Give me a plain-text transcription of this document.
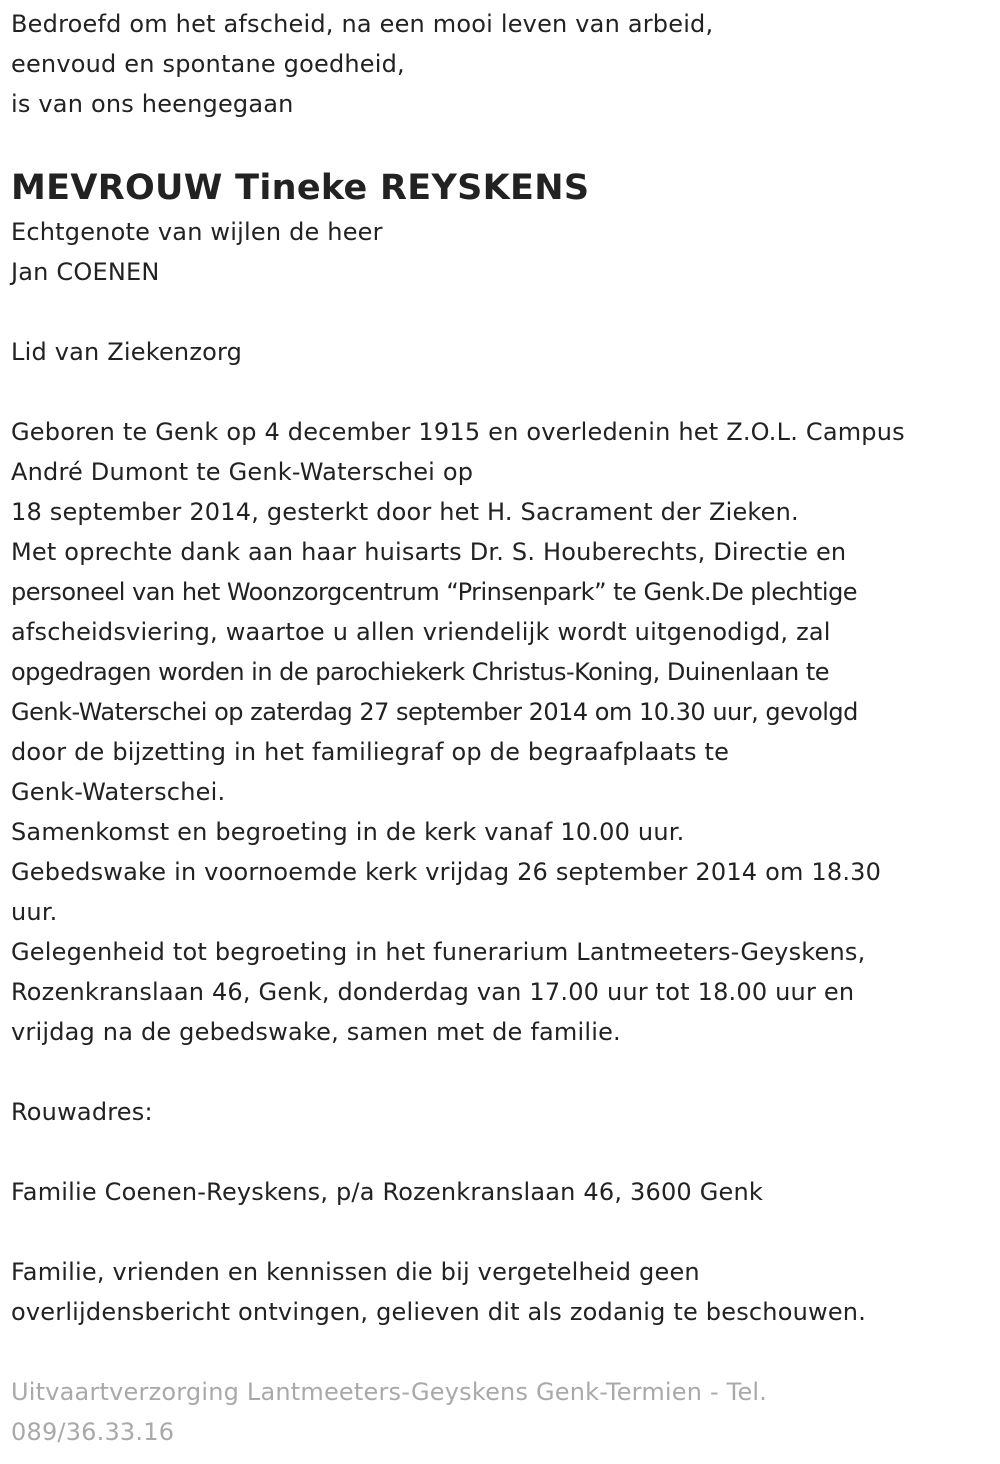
Bedroefd om het afscheid, na een mooi leven van arbeid,
eenvoud en spontane goedheid,
is van ons heengegaan
MEVROUW Tineke REYSKENS
Echtgenote van wijlen de heer
Jan COENEN
Lid van Ziekenzorg
Geboren te Genk op 4 december 1915 en overledenin het Z.O.L. Campus
André Dumont te Genk-Waterschei op
18 september 2014, gesterkt door het H. Sacrament der Zieken.
Met oprechte dank aan haar huisarts Dr. S. Houberechts, Directie en
personeel van het Woonzorgcentrum “Prinsenpark” te Genk.De plechtige
afscheidsviering, waartoe u allen vriendelijk wordt uitgenodigd, zal
opgedragen worden in de parochiekerk Christus-Koning, Duinenlaan te
Genk-Waterschei op zaterdag 27 september 2014 om 10.30 uur, gevolgd
door de bijzetting in het familiegraf op de begraafplaats te
Genk-Waterschei.
Samenkomst en begroeting in de kerk vanaf 10.00 uur.
Gebedswake in voornoemde kerk vrijdag 26 september 2014 om 18.30
uur.
Gelegenheid tot begroeting in het funerarium Lantmeeters-Geyskens,
Rozenkranslaan 46, Genk, donderdag van 17.00 uur tot 18.00 uur en
vrijdag na de gebedswake, samen met de familie.
Rouwadres:
Familie Coenen-Reyskens, p/a Rozenkranslaan 46, 3600 Genk
Familie, vrienden en kennissen die bij vergetelheid geen
overlijdensbericht ontvingen, gelieven dit als zodanig te beschouwen.
Uitvaartverzorging Lantmeeters-Geyskens Genk-Termien - Tel.
089/36.33.16
